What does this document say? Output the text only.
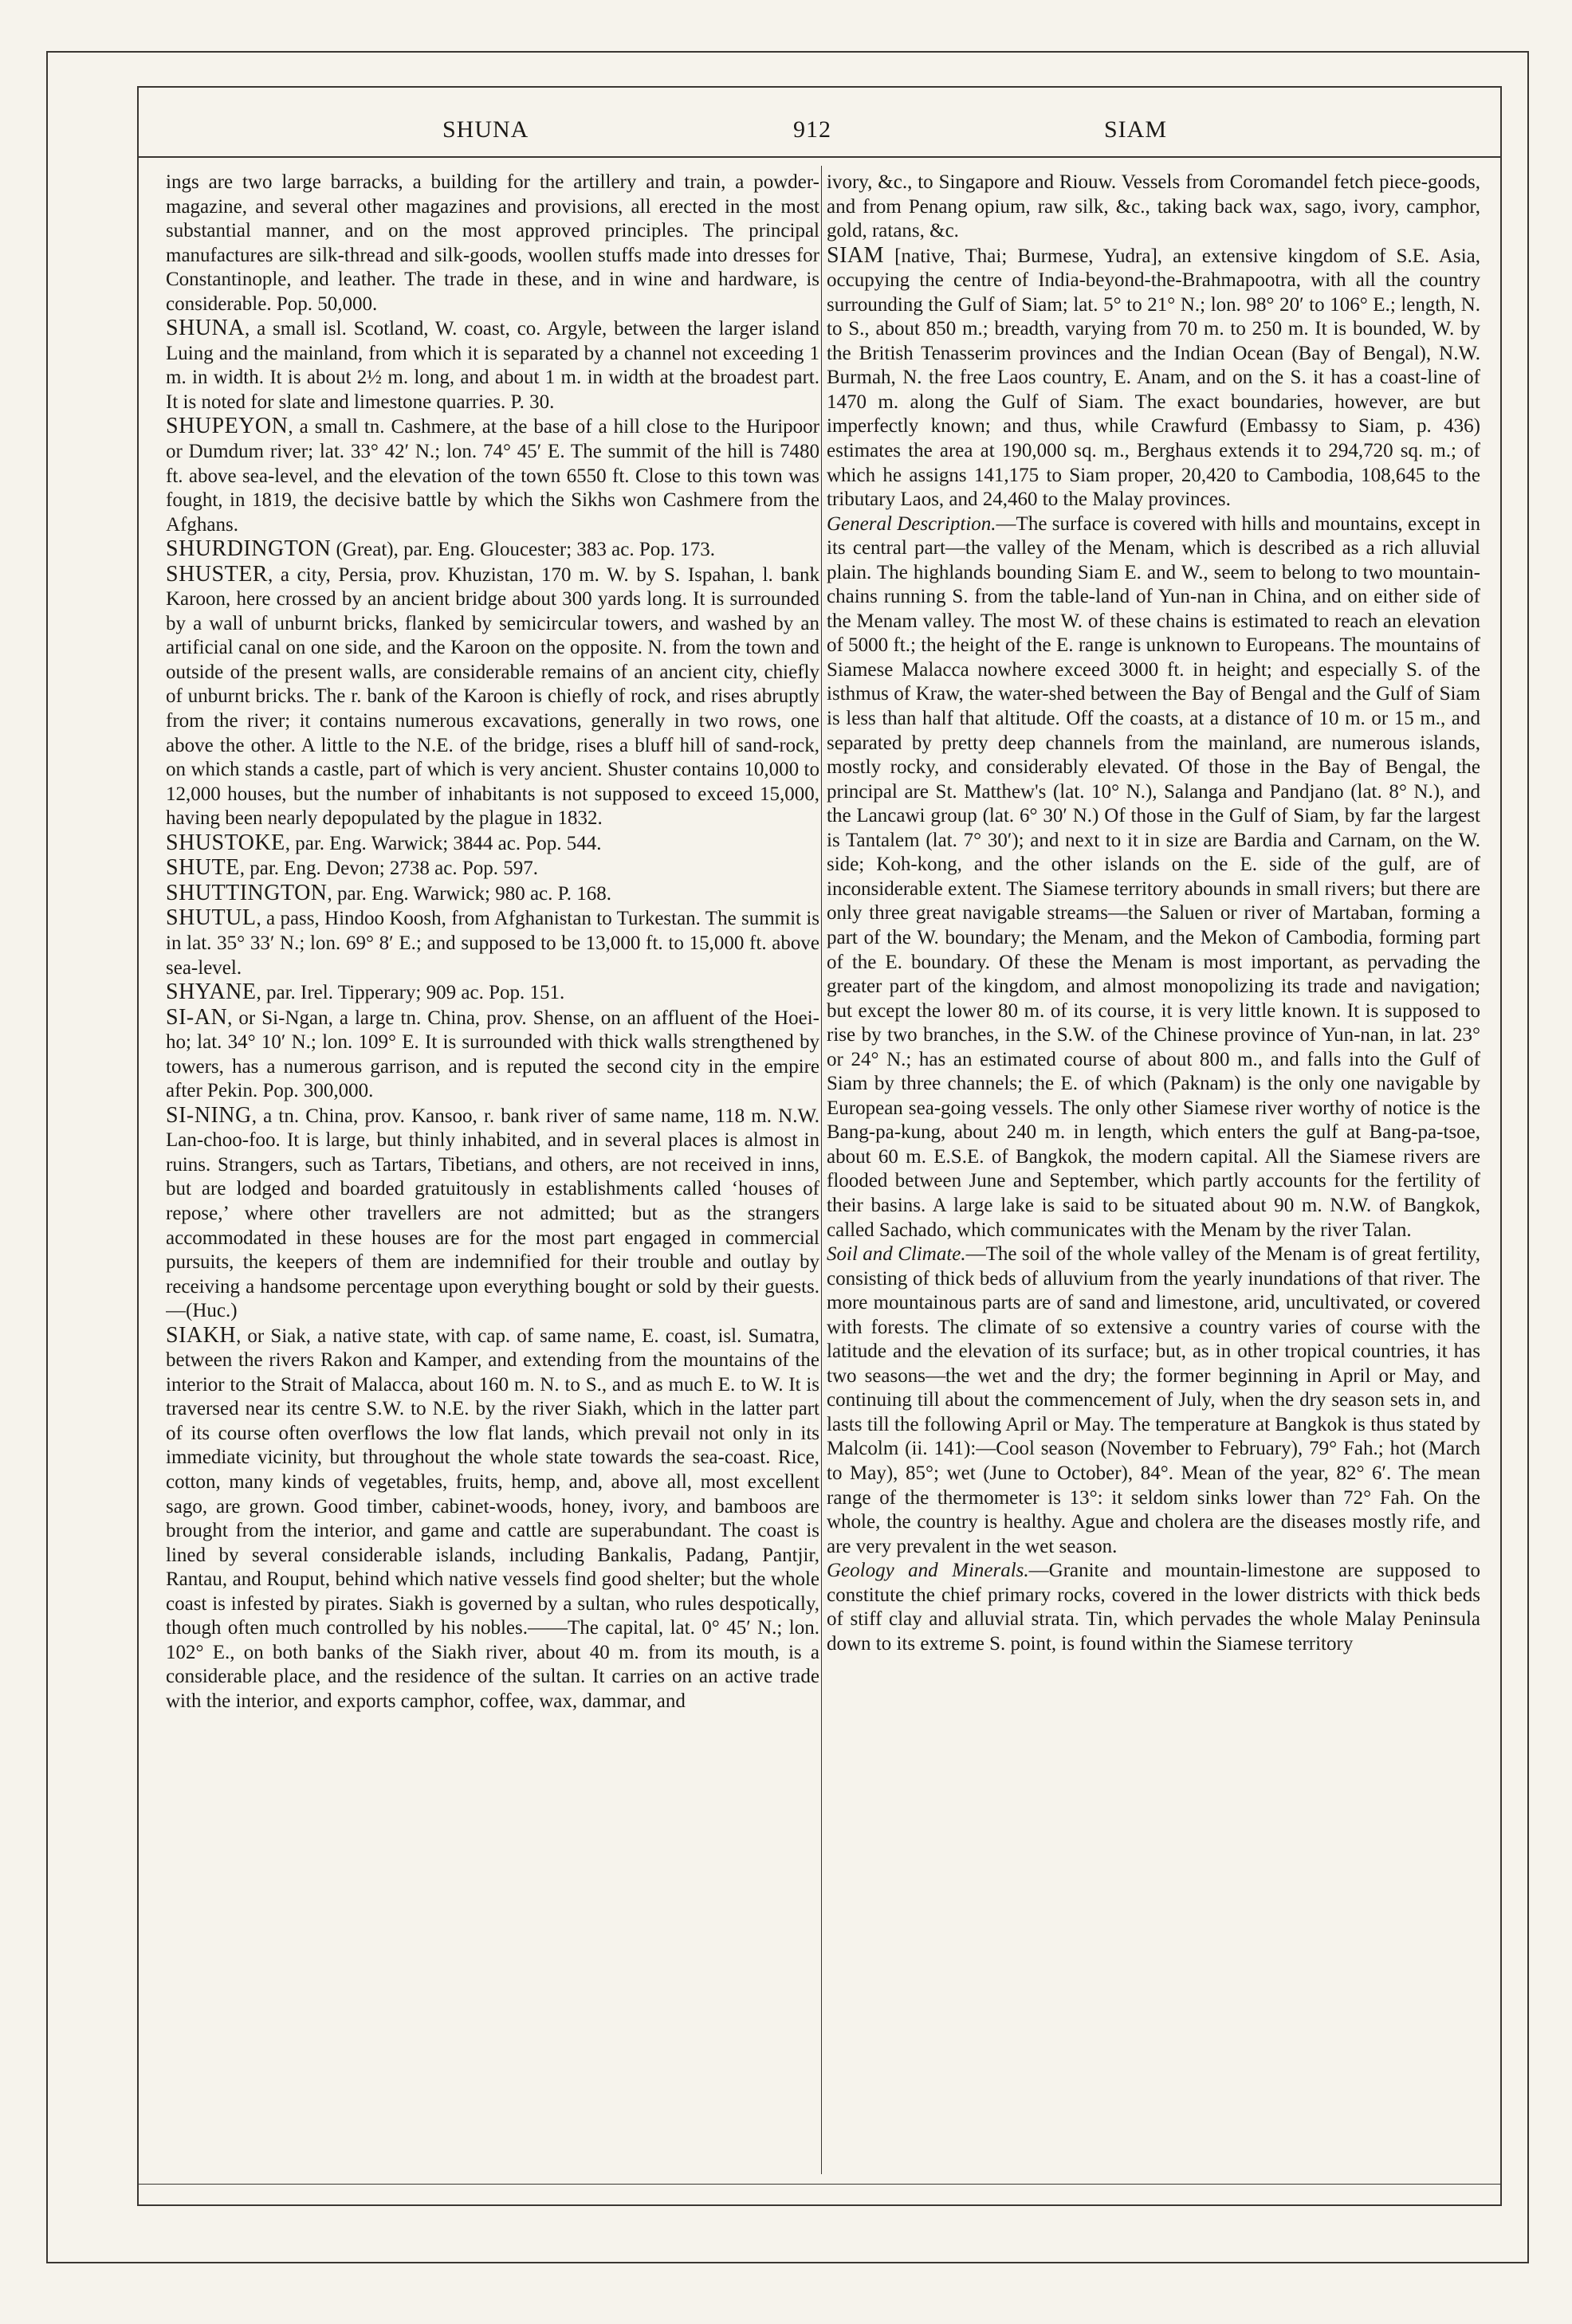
SHUNA	912	SIAM

ings are two large barracks, a building for the artillery and train, a powder-magazine, and several other magazines and provisions, all erected in the most substantial manner, and on the most approved principles. The principal manufactures are silk-thread and silk-goods, woollen stuffs made into dresses for Constantinople, and leather. The trade in these, and in wine and hardware, is considerable. Pop. 50,000.

SHUNA, a small isl. Scotland, W. coast, co. Argyle, between the larger island Luing and the mainland, from which it is separated by a channel not exceeding 1 m. in width. It is about 2½ m. long, and about 1 m. in width at the broadest part. It is noted for slate and limestone quarries. P. 30.

SHUPEYON, a small tn. Cashmere, at the base of a hill close to the Huripoor or Dumdum river; lat. 33° 42′ N.; lon. 74° 45′ E. The summit of the hill is 7480 ft. above sea-level, and the elevation of the town 6550 ft. Close to this town was fought, in 1819, the decisive battle by which the Sikhs won Cashmere from the Afghans.

SHURDINGTON (Great), par. Eng. Gloucester; 383 ac. Pop. 173.

SHUSTER, a city, Persia, prov. Khuzistan, 170 m. W. by S. Ispahan, l. bank Karoon, here crossed by an ancient bridge about 300 yards long. It is surrounded by a wall of unburnt bricks, flanked by semicircular towers, and washed by an artificial canal on one side, and the Karoon on the opposite. N. from the town and outside of the present walls, are considerable remains of an ancient city, chiefly of unburnt bricks. The r. bank of the Karoon is chiefly of rock, and rises abruptly from the river; it contains numerous excavations, generally in two rows, one above the other. A little to the N.E. of the bridge, rises a bluff hill of sand-rock, on which stands a castle, part of which is very ancient. Shuster contains 10,000 to 12,000 houses, but the number of inhabitants is not supposed to exceed 15,000, having been nearly depopulated by the plague in 1832.

SHUSTOKE, par. Eng. Warwick; 3844 ac. Pop. 544.

SHUTE, par. Eng. Devon; 2738 ac. Pop. 597.

SHUTTINGTON, par. Eng. Warwick; 980 ac. P. 168.

SHUTUL, a pass, Hindoo Koosh, from Afghanistan to Turkestan. The summit is in lat. 35° 33′ N.; lon. 69° 8′ E.; and supposed to be 13,000 ft. to 15,000 ft. above sea-level.

SHYANE, par. Irel. Tipperary; 909 ac. Pop. 151.

SI-AN, or Si-Ngan, a large tn. China, prov. Shense, on an affluent of the Hoei-ho; lat. 34° 10′ N.; lon. 109° E. It is surrounded with thick walls strengthened by towers, has a numerous garrison, and is reputed the second city in the empire after Pekin. Pop. 300,000.

SI-NING, a tn. China, prov. Kansoo, r. bank river of same name, 118 m. N.W. Lan-choo-foo. It is large, but thinly inhabited, and in several places is almost in ruins. Strangers, such as Tartars, Tibetians, and others, are not received in inns, but are lodged and boarded gratuitously in establishments called ‘houses of repose,’ where other travellers are not admitted; but as the strangers accommodated in these houses are for the most part engaged in commercial pursuits, the keepers of them are indemnified for their trouble and outlay by receiving a handsome percentage upon everything bought or sold by their guests.—(Huc.)

SIAKH, or Siak, a native state, with cap. of same name, E. coast, isl. Sumatra, between the rivers Rakon and Kamper, and extending from the mountains of the interior to the Strait of Malacca, about 160 m. N. to S., and as much E. to W. It is traversed near its centre S.W. to N.E. by the river Siakh, which in the latter part of its course often overflows the low flat lands, which prevail not only in its immediate vicinity, but throughout the whole state towards the sea-coast. Rice, cotton, many kinds of vegetables, fruits, hemp, and, above all, most excellent sago, are grown. Good timber, cabinet-woods, honey, ivory, and bamboos are brought from the interior, and game and cattle are superabundant. The coast is lined by several considerable islands, including Bankalis, Padang, Pantjir, Rantau, and Rouput, behind which native vessels find good shelter; but the whole coast is infested by pirates. Siakh is governed by a sultan, who rules despotically, though often much controlled by his nobles.——The capital, lat. 0° 45′ N.; lon. 102° E., on both banks of the Siakh river, about 40 m. from its mouth, is a considerable place, and the residence of the sultan. It carries on an active trade with the interior, and exports camphor, coffee, wax, dammar, and

ivory, &c., to Singapore and Riouw. Vessels from Coromandel fetch piece-goods, and from Penang opium, raw silk, &c., taking back wax, sago, ivory, camphor, gold, ratans, &c.

SIAM [native, Thai; Burmese, Yudra], an extensive kingdom of S.E. Asia, occupying the centre of India-beyond-the-Brahmapootra, with all the country surrounding the Gulf of Siam; lat. 5° to 21° N.; lon. 98° 20′ to 106° E.; length, N. to S., about 850 m.; breadth, varying from 70 m. to 250 m. It is bounded, W. by the British Tenasserim provinces and the Indian Ocean (Bay of Bengal), N.W. Burmah, N. the free Laos country, E. Anam, and on the S. it has a coast-line of 1470 m. along the Gulf of Siam. The exact boundaries, however, are but imperfectly known; and thus, while Crawfurd (Embassy to Siam, p. 436) estimates the area at 190,000 sq. m., Berghaus extends it to 294,720 sq. m.; of which he assigns 141,175 to Siam proper, 20,420 to Cambodia, 108,645 to the tributary Laos, and 24,460 to the Malay provinces.

General Description.—The surface is covered with hills and mountains, except in its central part—the valley of the Menam, which is described as a rich alluvial plain. The highlands bounding Siam E. and W., seem to belong to two mountain-chains running S. from the table-land of Yun-nan in China, and on either side of the Menam valley. The most W. of these chains is estimated to reach an elevation of 5000 ft.; the height of the E. range is unknown to Europeans. The mountains of Siamese Malacca nowhere exceed 3000 ft. in height; and especially S. of the isthmus of Kraw, the water-shed between the Bay of Bengal and the Gulf of Siam is less than half that altitude. Off the coasts, at a distance of 10 m. or 15 m., and separated by pretty deep channels from the mainland, are numerous islands, mostly rocky, and considerably elevated. Of those in the Bay of Bengal, the principal are St. Matthew's (lat. 10° N.), Salanga and Pandjano (lat. 8° N.), and the Lancawi group (lat. 6° 30′ N.) Of those in the Gulf of Siam, by far the largest is Tantalem (lat. 7° 30′); and next to it in size are Bardia and Carnam, on the W. side; Koh-kong, and the other islands on the E. side of the gulf, are of inconsiderable extent. The Siamese territory abounds in small rivers; but there are only three great navigable streams—the Saluen or river of Martaban, forming a part of the W. boundary; the Menam, and the Mekon of Cambodia, forming part of the E. boundary. Of these the Menam is most important, as pervading the greater part of the kingdom, and almost monopolizing its trade and navigation; but except the lower 80 m. of its course, it is very little known. It is supposed to rise by two branches, in the S.W. of the Chinese province of Yun-nan, in lat. 23° or 24° N.; has an estimated course of about 800 m., and falls into the Gulf of Siam by three channels; the E. of which (Paknam) is the only one navigable by European sea-going vessels. The only other Siamese river worthy of notice is the Bang-pa-kung, about 240 m. in length, which enters the gulf at Bang-pa-tsoe, about 60 m. E.S.E. of Bangkok, the modern capital. All the Siamese rivers are flooded between June and September, which partly accounts for the fertility of their basins. A large lake is said to be situated about 90 m. N.W. of Bangkok, called Sachado, which communicates with the Menam by the river Talan.

Soil and Climate.—The soil of the whole valley of the Menam is of great fertility, consisting of thick beds of alluvium from the yearly inundations of that river. The more mountainous parts are of sand and limestone, arid, uncultivated, or covered with forests. The climate of so extensive a country varies of course with the latitude and the elevation of its surface; but, as in other tropical countries, it has two seasons—the wet and the dry; the former beginning in April or May, and continuing till about the commencement of July, when the dry season sets in, and lasts till the following April or May. The temperature at Bangkok is thus stated by Malcolm (ii. 141):—Cool season (November to February), 79° Fah.; hot (March to May), 85°; wet (June to October), 84°. Mean of the year, 82° 6′. The mean range of the thermometer is 13°: it seldom sinks lower than 72° Fah. On the whole, the country is healthy. Ague and cholera are the diseases mostly rife, and are very prevalent in the wet season.

Geology and Minerals.—Granite and mountain-limestone are supposed to constitute the chief primary rocks, covered in the lower districts with thick beds of stiff clay and alluvial strata. Tin, which pervades the whole Malay Peninsula down to its extreme S. point, is found within the Siamese territory
